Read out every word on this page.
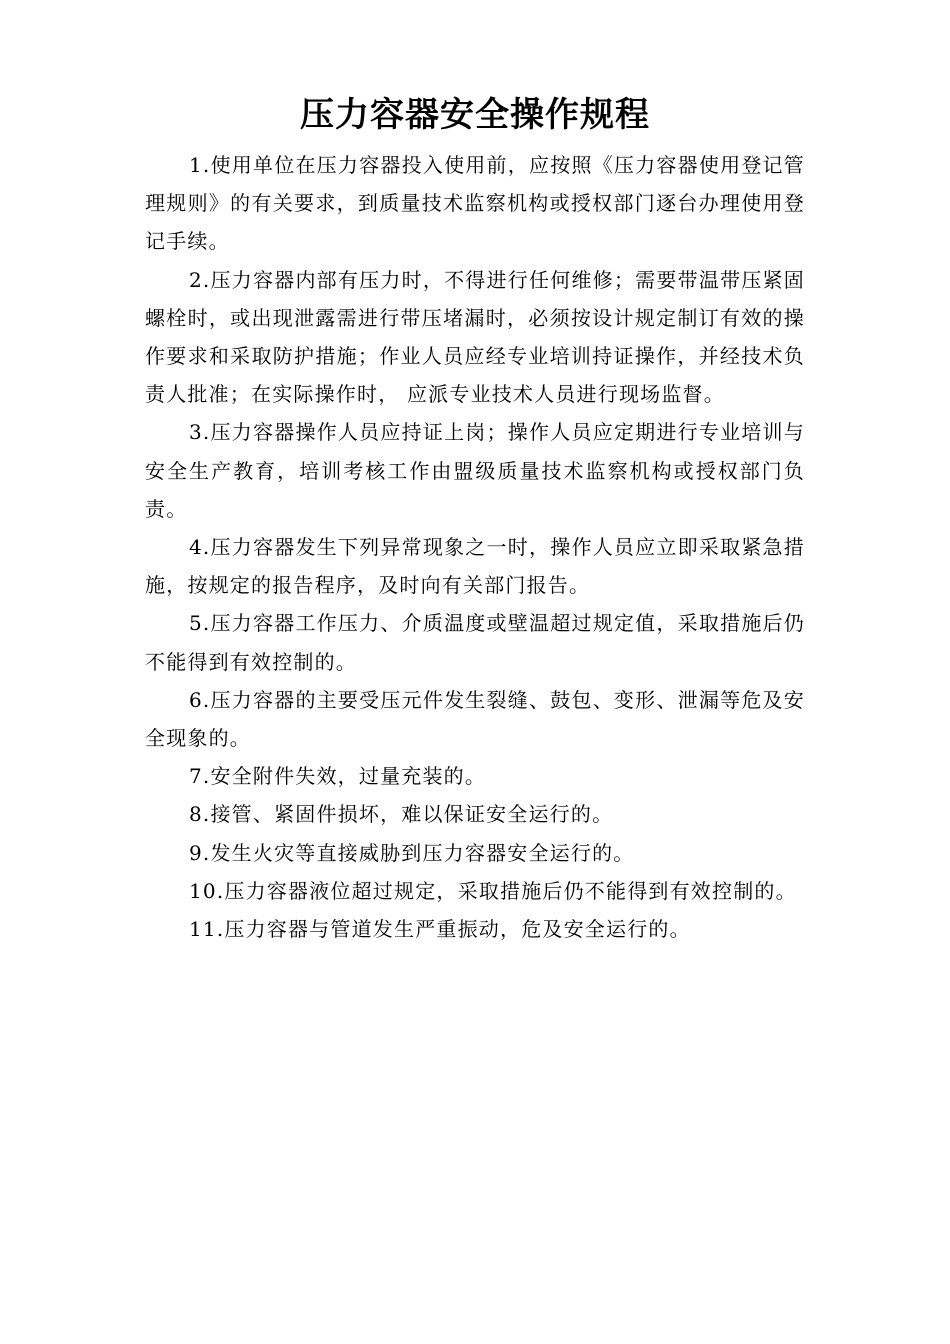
压力容器安全操作规程

1.使用单位在压力容器投入使用前，应按照《压力容器使用登记管理规则》的有关要求，到质量技术监察机构或授权部门逐台办理使用登记手续。

2.压力容器内部有压力时，不得进行任何维修；需要带温带压紧固螺栓时，或出现泄露需进行带压堵漏时，必须按设计规定制订有效的操作要求和采取防护措施；作业人员应经专业培训持证操作，并经技术负责人批准；在实际操作时， 应派专业技术人员进行现场监督。

3.压力容器操作人员应持证上岗；操作人员应定期进行专业培训与安全生产教育，培训考核工作由盟级质量技术监察机构或授权部门负责。

4.压力容器发生下列异常现象之一时，操作人员应立即采取紧急措施，按规定的报告程序，及时向有关部门报告。

5.压力容器工作压力、介质温度或壁温超过规定值，采取措施后仍不能得到有效控制的。

6.压力容器的主要受压元件发生裂缝、鼓包、变形、泄漏等危及安全现象的。

7.安全附件失效，过量充装的。

8.接管、紧固件损坏，难以保证安全运行的。

9.发生火灾等直接威胁到压力容器安全运行的。

10.压力容器液位超过规定，采取措施后仍不能得到有效控制的。

11.压力容器与管道发生严重振动，危及安全运行的。
